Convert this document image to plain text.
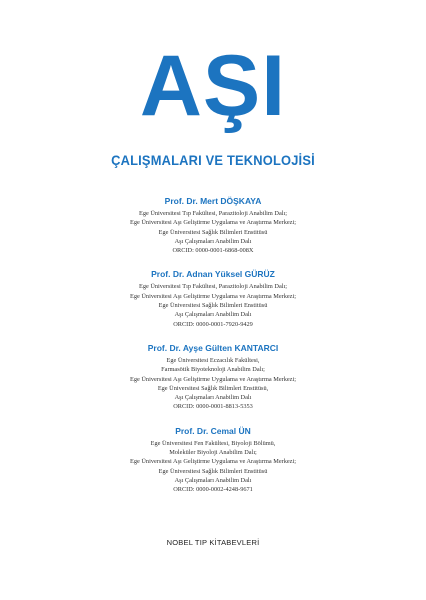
AŞI
ÇALIŞMALARI VE TEKNOLOJİSİ
Prof. Dr. Mert DÖŞKAYA
Ege Üniversitesi Tıp Fakültesi, Parazitoloji Anabilim Dalı;
Ege Üniversitesi Aşı Geliştirme Uygulama ve Araştırma Merkezi;
Ege Üniversitesi Sağlık Bilimleri Enstitüsü
Aşı Çalışmaları Anabilim Dalı
ORCID: 0000-0001-6868-008X
Prof. Dr. Adnan Yüksel GÜRÜZ
Ege Üniversitesi Tıp Fakültesi, Parazitoloji Anabilim Dalı;
Ege Üniversitesi Aşı Geliştirme Uygulama ve Araştırma Merkezi;
Ege Üniversitesi Sağlık Bilimleri Enstitüsü
Aşı Çalışmaları Anabilim Dalı
ORCID: 0000-0001-7920-9429
Prof. Dr. Ayşe Gülten KANTARCI
Ege Üniversitesi Eczacılık Fakültesi,
Farmasötik Biyoteknoloji Anabilim Dalı;
Ege Üniversitesi Aşı Geliştirme Uygulama ve Araştırma Merkezi;
Ege Üniversitesi Sağlık Bilimleri Enstitüsü,
Aşı Çalışmaları Anabilim Dalı
ORCID: 0000-0001-8813-5353
Prof. Dr. Cemal ÜN
Ege Üniversitesi Fen Fakültesi, Biyoloji Bölümü,
Moleküler Biyoloji Anabilim Dalı;
Ege Üniversitesi Aşı Geliştirme Uygulama ve Araştırma Merkezi;
Ege Üniversitesi Sağlık Bilimleri Enstitüsü
Aşı Çalışmaları Anabilim Dalı
ORCID: 0000-0002-4248-9671
NOBEL TIP KİTABEVLERİ
